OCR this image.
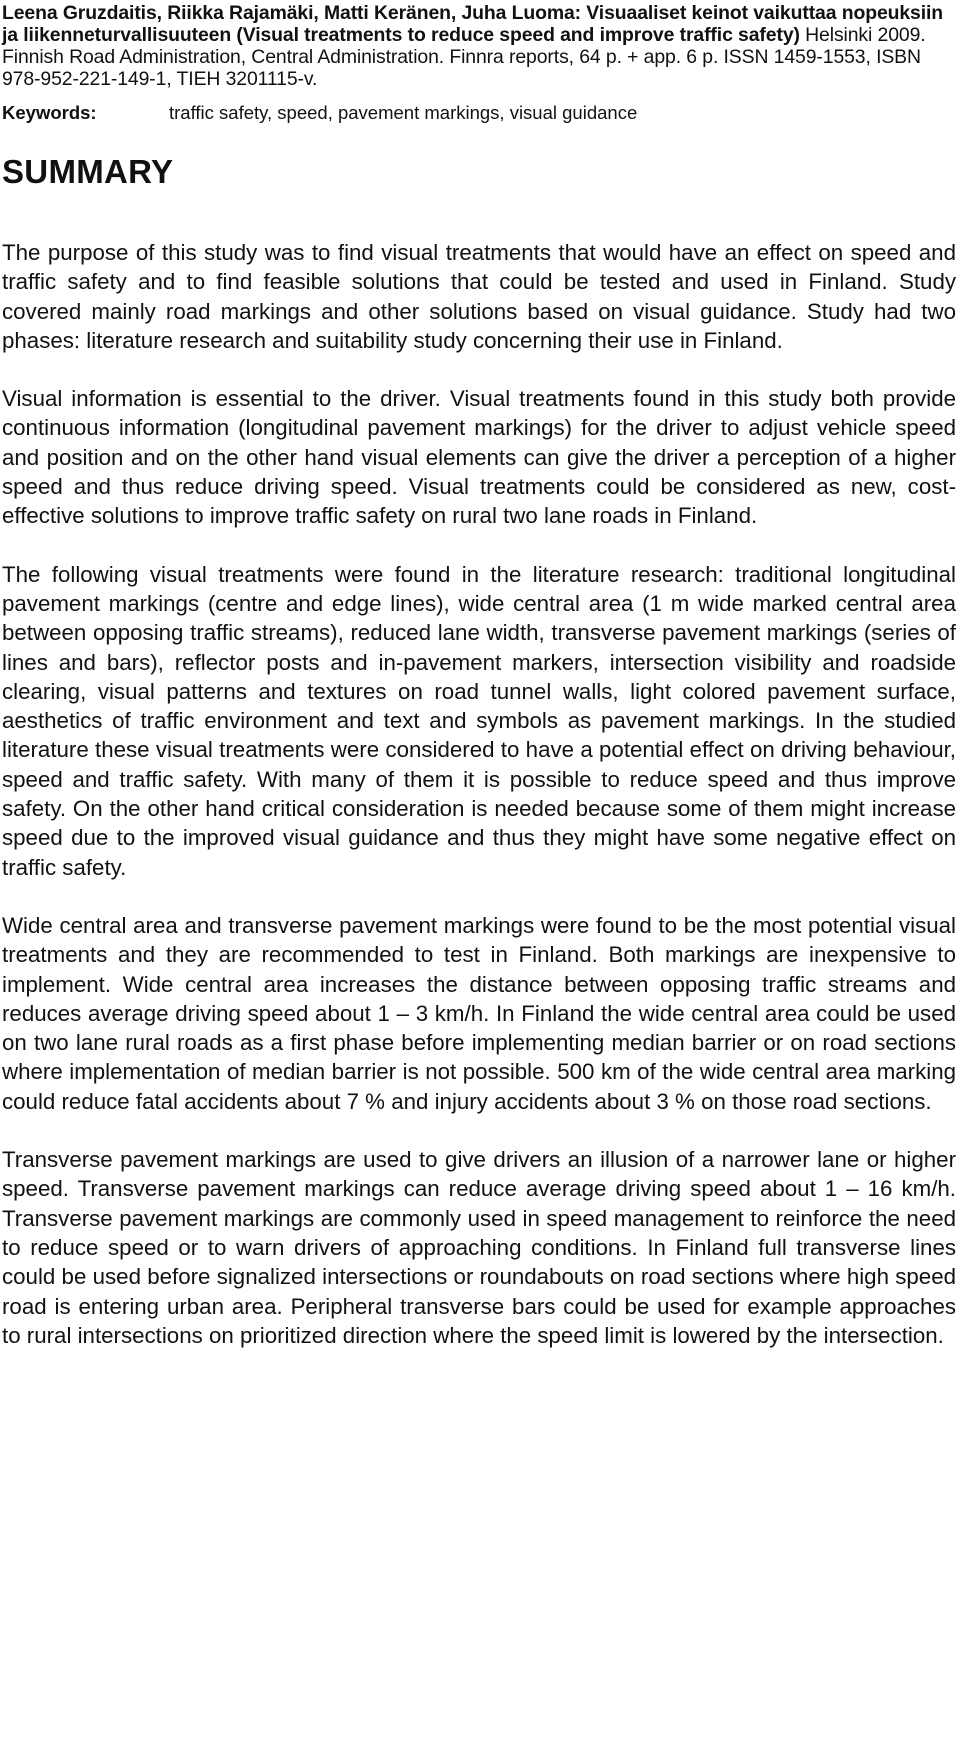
Leena Gruzdaitis, Riikka Rajamäki, Matti Keränen, Juha Luoma: Visuaaliset keinot vaikuttaa nopeuksiin ja liikenneturvallisuuteen (Visual treatments to reduce speed and improve traffic safety) Helsinki 2009. Finnish Road Administration, Central Administration. Finnra reports, 64 p. + app. 6 p. ISSN 1459-1553, ISBN 978-952-221-149-1, TIEH 3201115-v.

Keywords:	traffic safety, speed, pavement markings, visual guidance
SUMMARY

The purpose of this study was to find visual treatments that would have an effect on speed and traffic safety and to find feasible solutions that could be tested and used in Finland. Study covered mainly road markings and other solutions based on visual guidance. Study had two phases: literature research and suitability study concerning their use in Finland.

Visual information is essential to the driver. Visual treatments found in this study both provide continuous information (longitudinal pavement markings) for the driver to adjust vehicle speed and position and on the other hand visual elements can give the driver a perception of a higher speed and thus reduce driving speed. Visual treatments could be considered as new, cost-effective solutions to improve traffic safety on rural two lane roads in Finland.

The following visual treatments were found in the literature research: traditional longitudinal pavement markings (centre and edge lines), wide central area (1 m wide marked central area between opposing traffic streams), reduced lane width, transverse pavement markings (series of lines and bars), reflector posts and in-pavement markers, intersection visibility and roadside clearing, visual patterns and textures on road tunnel walls, light colored pavement surface, aesthetics of traffic environment and text and symbols as pavement markings. In the studied literature these visual treatments were considered to have a potential effect on driving behaviour, speed and traffic safety. With many of them it is possible to reduce speed and thus improve safety. On the other hand critical consideration is needed because some of them might increase speed due to the improved visual guidance and thus they might have some negative effect on traffic safety.

Wide central area and transverse pavement markings were found to be the most potential visual treatments and they are recommended to test in Finland. Both markings are inexpensive to implement. Wide central area increases the distance between opposing traffic streams and reduces average driving speed about 1 – 3 km/h. In Finland the wide central area could be used on two lane rural roads as a first phase before implementing median barrier or on road sections where implementation of median barrier is not possible. 500 km of the wide central area marking could reduce fatal accidents about 7 % and injury accidents about 3 % on those road sections.

Transverse pavement markings are used to give drivers an illusion of a narrower lane or higher speed. Transverse pavement markings can reduce average driving speed about 1 – 16 km/h. Transverse pavement markings are commonly used in speed management to reinforce the need to reduce speed or to warn drivers of approaching conditions. In Finland full transverse lines could be used before signalized intersections or roundabouts on road sections where high speed road is entering urban area. Peripheral transverse bars could be used for example approaches to rural intersections on prioritized direction where the speed limit is lowered by the intersection.
